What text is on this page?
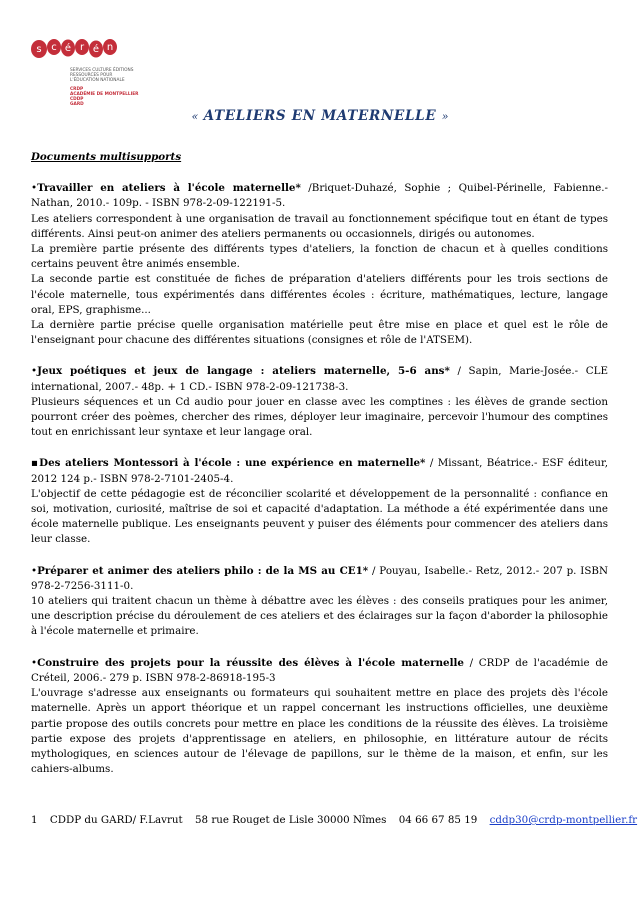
s c é r é n
SERVICES CULTURE ÉDITIONS
RESSOURCES POUR
L'ÉDUCATION NATIONALE
CRDP
ACADÉMIE DE MONTPELLIER
CDDP
GARD
« ATELIERS EN MATERNELLE »
Documents multisupports

•Travailler en ateliers à l'école maternelle* /Briquet-Duhazé, Sophie ; Quibel-Périnelle, Fabienne.- Nathan, 2010.- 109p. - ISBN 978-2-09-122191-5.

Les ateliers correspondent à une organisation de travail au fonctionnement spécifique tout en étant de types différents. Ainsi peut-on animer des ateliers permanents ou occasionnels, dirigés ou autonomes.

La première partie présente des différents types d'ateliers, la fonction de chacun et à quelles conditions certains peuvent être animés ensemble.

La seconde partie est constituée de fiches de préparation d'ateliers différents pour les trois sections de l'école maternelle, tous expérimentés dans différentes écoles : écriture, mathématiques, lecture, langage oral, EPS, graphisme...

La dernière partie précise quelle organisation matérielle peut être mise en place et quel est le rôle de l'enseignant pour chacune des différentes situations (consignes et rôle de l'ATSEM).

•Jeux poétiques et jeux de langage : ateliers maternelle, 5-6 ans* / Sapin, Marie-Josée.- CLE international, 2007.- 48p. + 1 CD.- ISBN 978-2-09-121738-3.

Plusieurs séquences et un Cd audio pour jouer en classe avec les comptines : les élèves de grande section pourront créer des poèmes, chercher des rimes, déployer leur imaginaire, percevoir l'humour des comptines tout en enrichissant leur syntaxe et leur langage oral.

▪Des ateliers Montessori à l'école : une expérience en maternelle* / Missant, Béatrice.- ESF éditeur, 2012 124 p.- ISBN 978-2-7101-2405-4.

L'objectif de cette pédagogie est de réconcilier scolarité et développement de la personnalité : confiance en soi, motivation, curiosité, maîtrise de soi et capacité d'adaptation. La méthode a été expérimentée dans une école maternelle publique. Les enseignants peuvent y puiser des éléments pour commencer des ateliers dans leur classe.

•Préparer et animer des ateliers philo : de la MS au CE1* / Pouyau, Isabelle.- Retz, 2012.- 207 p. ISBN 978-2-7256-3111-0.

10 ateliers qui traitent chacun un thème à débattre avec les élèves : des conseils pratiques pour les animer, une description précise du déroulement de ces ateliers et des éclairages sur la façon d'aborder la philosophie à l'école maternelle et primaire.

•Construire des projets pour la réussite des élèves à l'école maternelle / CRDP de l'académie de Créteil, 2006.- 279 p. ISBN 978-2-86918-195-3

L'ouvrage s'adresse aux enseignants ou formateurs qui souhaitent mettre en place des projets dès l'école maternelle. Après un apport théorique et un rappel concernant les instructions officielles, une deuxième partie propose des outils concrets pour mettre en place les conditions de la réussite des élèves. La troisième partie expose des projets d'apprentissage en ateliers, en philosophie, en littérature autour de récits mythologiques, en sciences autour de l'élevage de papillons, sur le thème de la maison, et enfin, sur les cahiers-albums.

1 CDDP du GARD/ F.Lavrut 58 rue Rouget de Lisle 30000 Nîmes 04 66 67 85 19 cddp30@crdp-montpellier.fr
